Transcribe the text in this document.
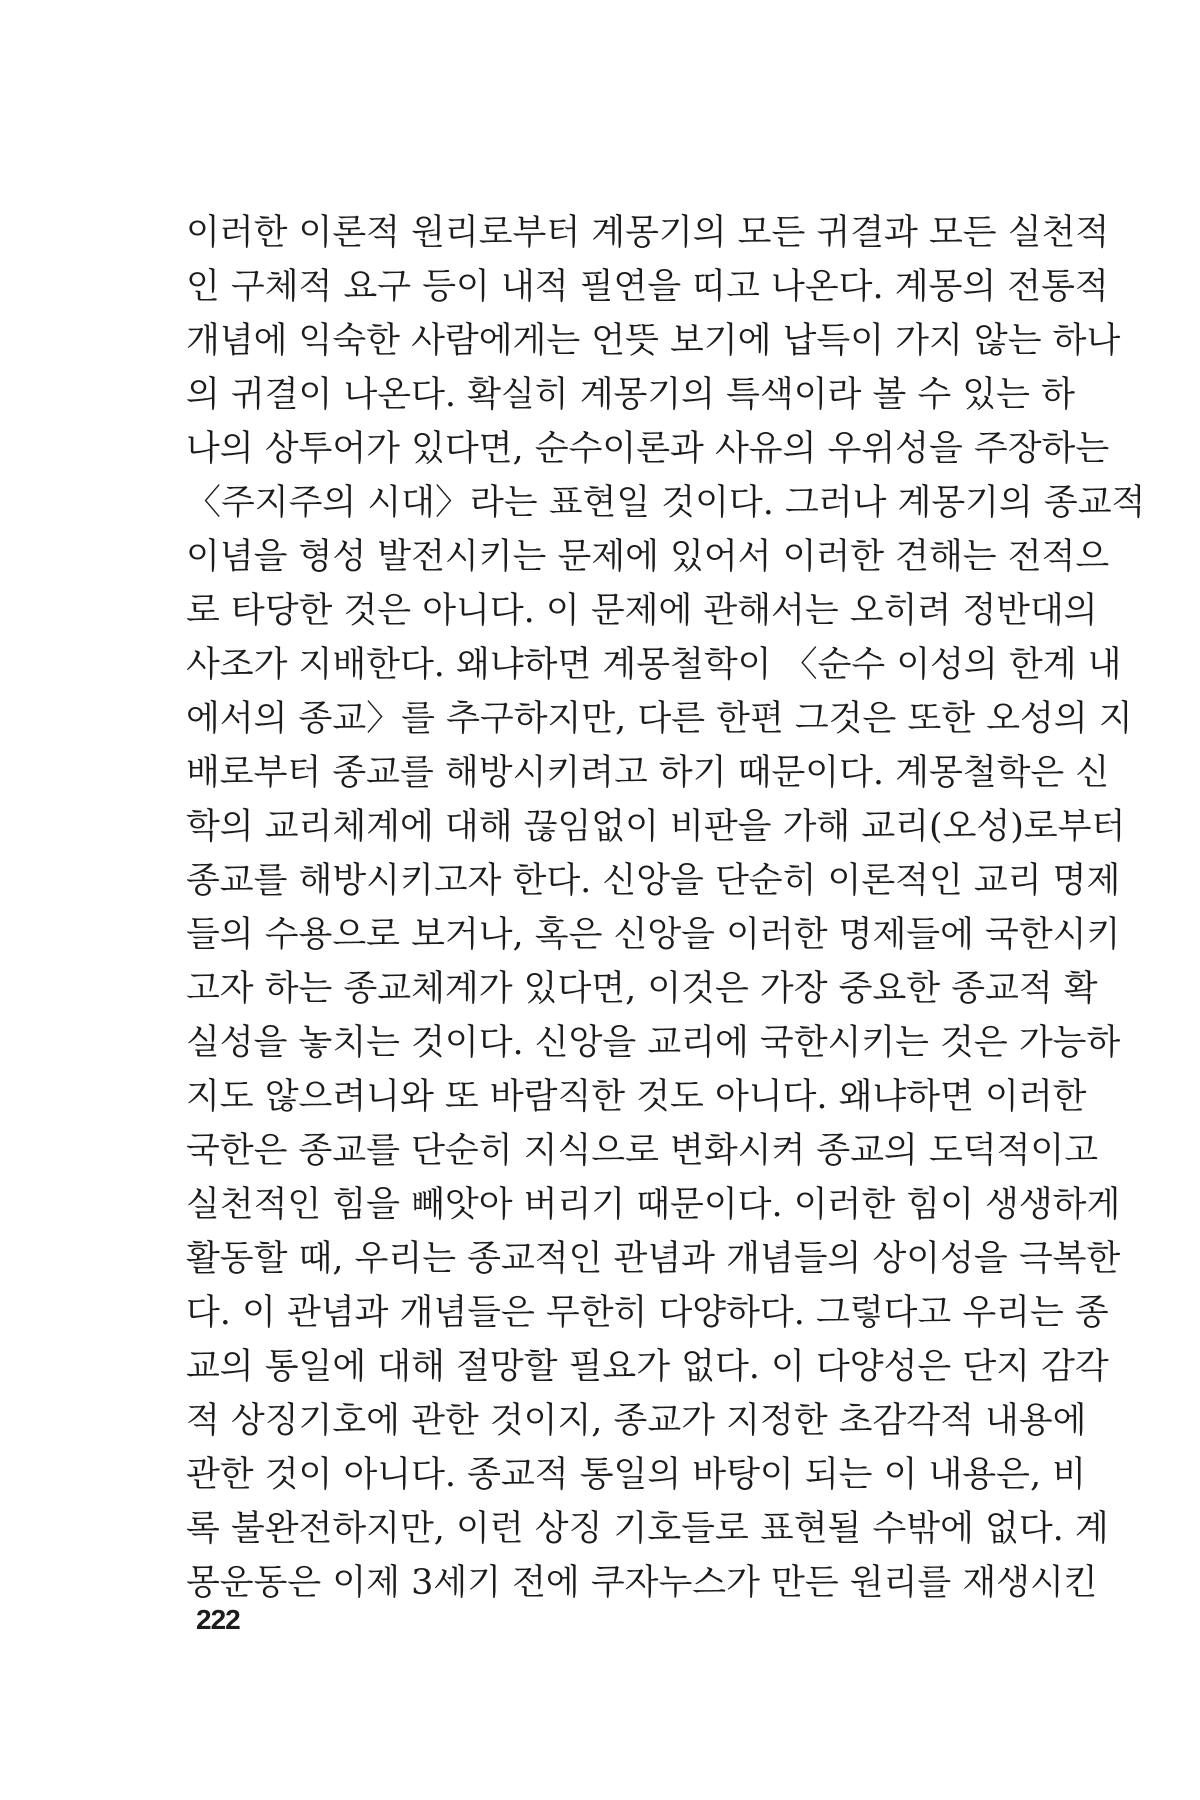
이러한 이론적 원리로부터 계몽기의 모든 귀결과 모든 실천적
인 구체적 요구 등이 내적 필연을 띠고 나온다. 계몽의 전통적
개념에 익숙한 사람에게는 언뜻 보기에 납득이 가지 않는 하나
의 귀결이 나온다. 확실히 계몽기의 특색이라 볼 수 있는 하
나의 상투어가 있다면, 순수이론과 사유의 우위성을 주장하는
〈주지주의 시대〉라는 표현일 것이다. 그러나 계몽기의 종교적
이념을 형성 발전시키는 문제에 있어서 이러한 견해는 전적으
로 타당한 것은 아니다. 이 문제에 관해서는 오히려 정반대의
사조가 지배한다. 왜냐하면 계몽철학이 〈순수 이성의 한계 내
에서의 종교〉를 추구하지만, 다른 한편 그것은 또한 오성의 지
배로부터 종교를 해방시키려고 하기 때문이다. 계몽철학은 신
학의 교리체계에 대해 끊임없이 비판을 가해 교리(오성)로부터
종교를 해방시키고자 한다. 신앙을 단순히 이론적인 교리 명제
들의 수용으로 보거나, 혹은 신앙을 이러한 명제들에 국한시키
고자 하는 종교체계가 있다면, 이것은 가장 중요한 종교적 확
실성을 놓치는 것이다. 신앙을 교리에 국한시키는 것은 가능하
지도 않으려니와 또 바람직한 것도 아니다. 왜냐하면 이러한
국한은 종교를 단순히 지식으로 변화시켜 종교의 도덕적이고
실천적인 힘을 빼앗아 버리기 때문이다. 이러한 힘이 생생하게
활동할 때, 우리는 종교적인 관념과 개념들의 상이성을 극복한
다. 이 관념과 개념들은 무한히 다양하다. 그렇다고 우리는 종
교의 통일에 대해 절망할 필요가 없다. 이 다양성은 단지 감각
적 상징기호에 관한 것이지, 종교가 지정한 초감각적 내용에
관한 것이 아니다. 종교적 통일의 바탕이 되는 이 내용은, 비
록 불완전하지만, 이런 상징 기호들로 표현될 수밖에 없다. 계
몽운동은 이제 3세기 전에 쿠자누스가 만든 원리를 재생시킨

222
